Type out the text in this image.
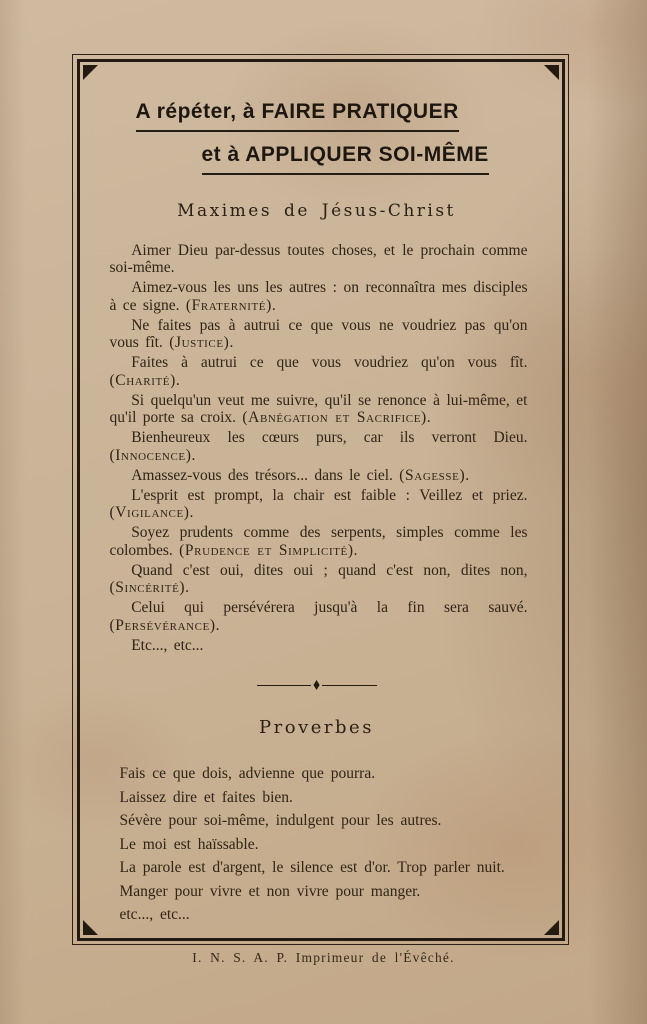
A répéter, à FAIRE PRATIQUER
et à APPLIQUER SOI-MÊME
Maximes de Jésus-Christ

Aimer Dieu par-dessus toutes choses, et le prochain comme soi-même.

Aimez-vous les uns les autres : on reconnaîtra mes disciples à ce signe. (Fraternité).

Ne faites pas à autrui ce que vous ne voudriez pas qu'on vous fît. (Justice).

Faites à autrui ce que vous voudriez qu'on vous fît. (Charité).

Si quelqu'un veut me suivre, qu'il se renonce à lui-même, et qu'il porte sa croix. (Abnégation et Sacrifice).

Bienheureux les cœurs purs, car ils verront Dieu. (Innocence).

Amassez-vous des trésors... dans le ciel. (Sagesse).

L'esprit est prompt, la chair est faible : Veillez et priez. (Vigilance).

Soyez prudents comme des serpents, simples comme les colombes. (Prudence et Simplicité).

Quand c'est oui, dites oui ; quand c'est non, dites non, (Sincérité).

Celui qui persévérera jusqu'à la fin sera sauvé. (Persévérance).

Etc..., etc...

♦
Proverbes

Fais ce que dois, advienne que pourra.

Laissez dire et faites bien.

Sévère pour soi-même, indulgent pour les autres.

Le moi est haïssable.

La parole est d'argent, le silence est d'or. Trop parler nuit.

Manger pour vivre et non vivre pour manger.

etc..., etc...

I. N. S. A. P. Imprimeur de l'Évêché.
